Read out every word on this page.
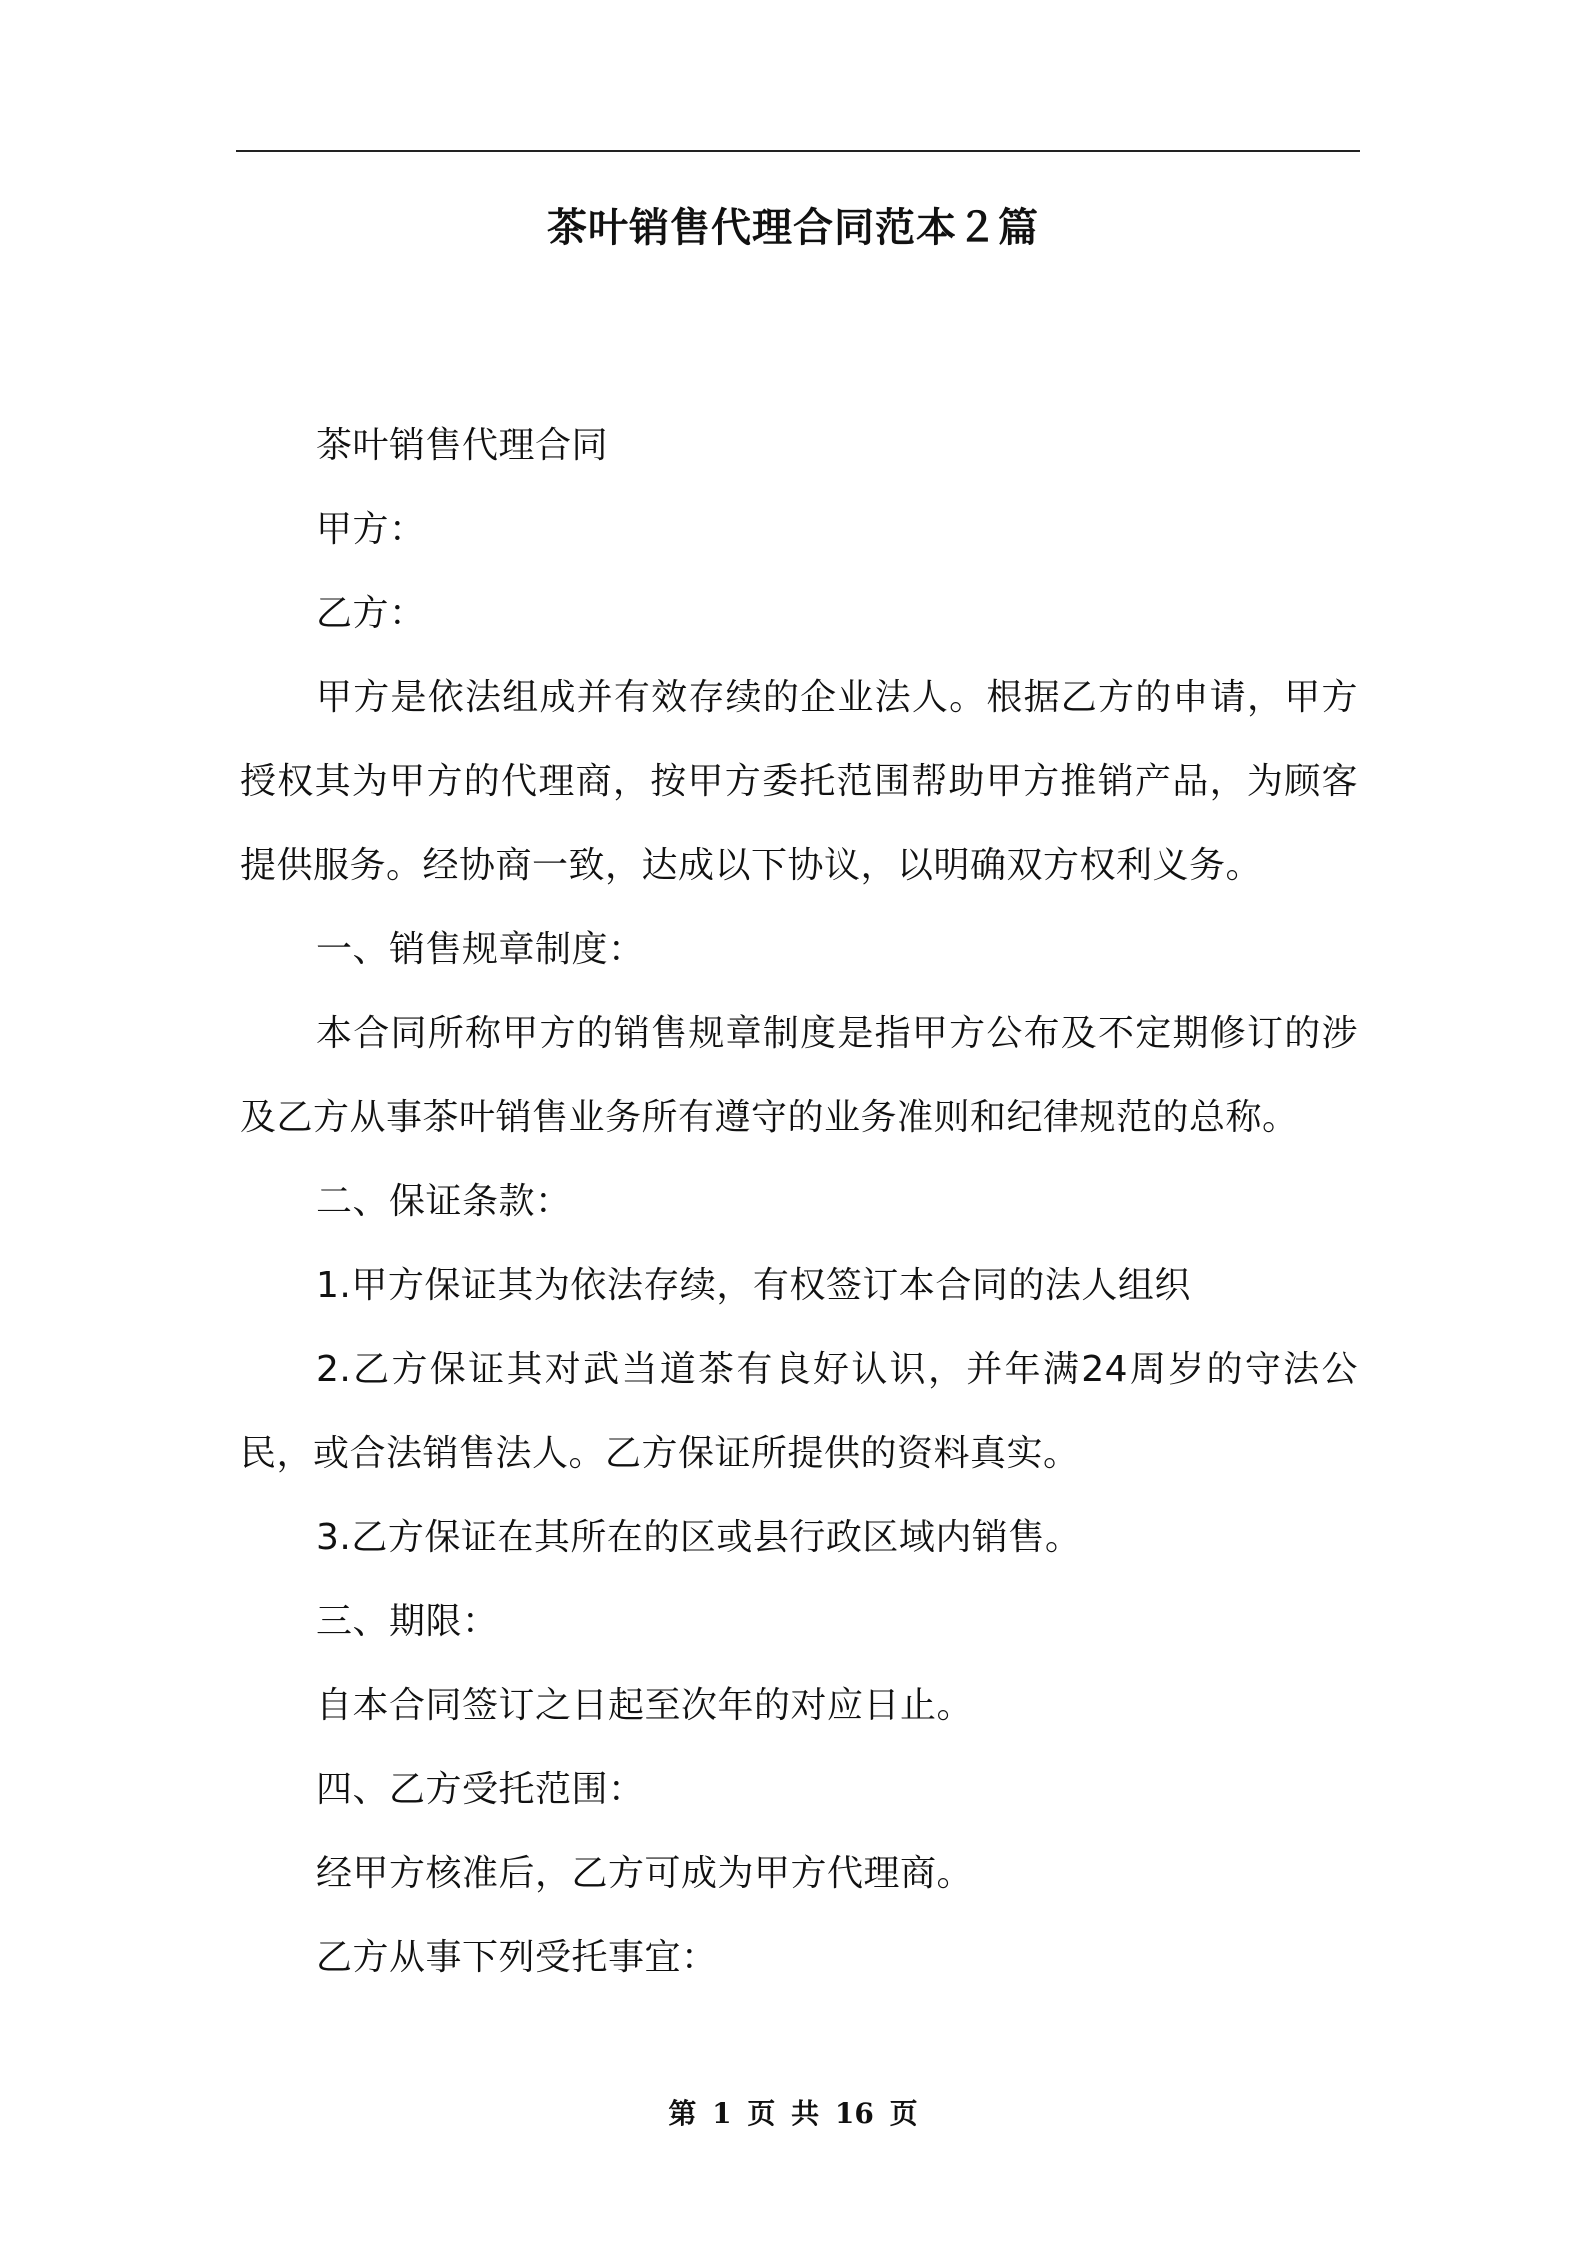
茶叶销售代理合同范本２篇

茶叶销售代理合同

甲方：

乙方：

甲方是依法组成并有效存续的企业法人。根据乙方的申请，甲方授权其为甲方的代理商，按甲方委托范围帮助甲方推销产品，为顾客提供服务。经协商一致，达成以下协议，以明确双方权利义务。

一、销售规章制度：

本合同所称甲方的销售规章制度是指甲方公布及不定期修订的涉及乙方从事茶叶销售业务所有遵守的业务准则和纪律规范的总称。

二、保证条款：

1.甲方保证其为依法存续，有权签订本合同的法人组织

2.乙方保证其对武当道茶有良好认识，并年满24周岁的守法公民，或合法销售法人。乙方保证所提供的资料真实。

3.乙方保证在其所在的区或县行政区域内销售。

三、期限：

自本合同签订之日起至次年的对应日止。

四、乙方受托范围：

经甲方核准后，乙方可成为甲方代理商。

乙方从事下列受托事宜：

第 1 页 共 16 页
